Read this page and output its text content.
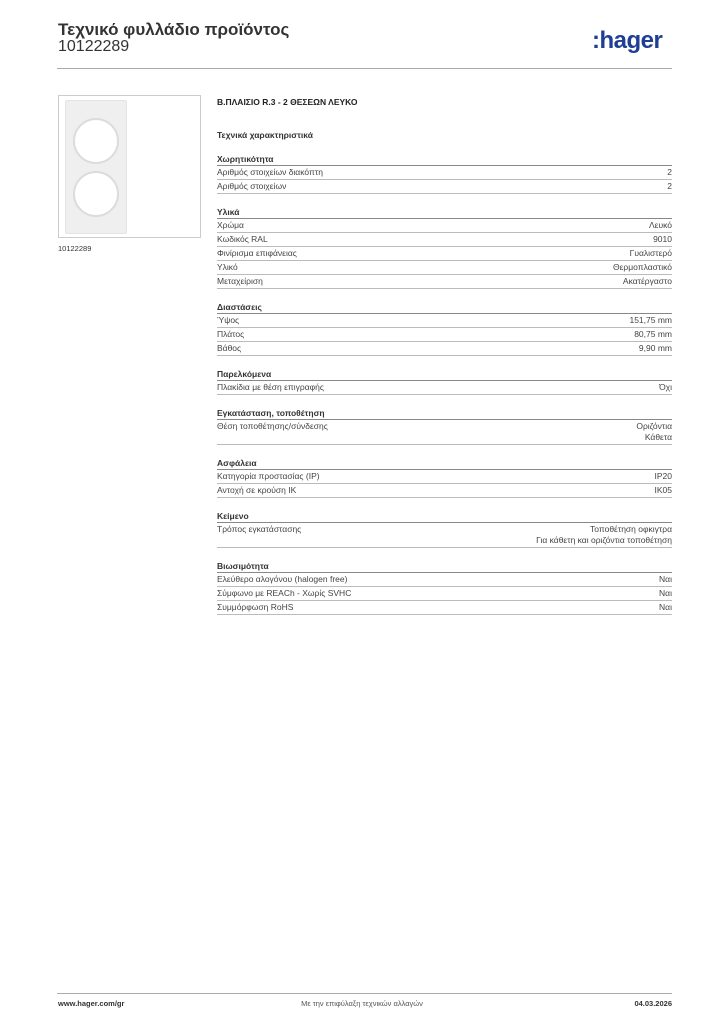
Τεχνικό φυλλάδιο προϊόντος
10122289	:hager
10122289
Β.ΠΛΑΙΣΙΟ R.3 - 2 ΘΕΣΕΩΝ ΛΕΥΚΟ
Τεχνικά χαρακτηριστικά
Χωρητικότητα
Αριθμός στοιχείων διακόπτη	2
Αριθμός στοιχείων	2
Υλικά
Χρώμα	Λευκό
Κωδικός RAL	9010
Φινίρισμα επιφάνειας	Γυαλιστερό
Υλικό	Θερμοπλαστικό
Μεταχείριση	Ακατέργαστο
Διαστάσεις
Ύψος	151,75 mm
Πλάτος	80,75 mm
Βάθος	9,90 mm
Παρελκόμενα
Πλακίδια με θέση επιγραφής	Όχι
Εγκατάσταση, τοποθέτηση
Θέση τοποθέτησης/σύνδεσης	Οριζόντια
Κάθετα
Ασφάλεια
Κατηγορία προστασίας (IP)	IP20
Αντοχή σε κρούση IK	IK05
Κείμενο
Τρόπος εγκατάστασης	Τοποθέτηση οφκιγτρα
Για κάθετη και οριζόντια τοποθέτηση
Βιωσιμότητα
Ελεύθερο αλογόνου (halogen free)	Ναι
Σύμφωνο με REACh - Χωρίς SVHC	Ναι
Συμμόρφωση RoHS	Ναι
www.hager.com/gr	Με την επιφύλαξη τεχνικών αλλαγών	04.03.2026
